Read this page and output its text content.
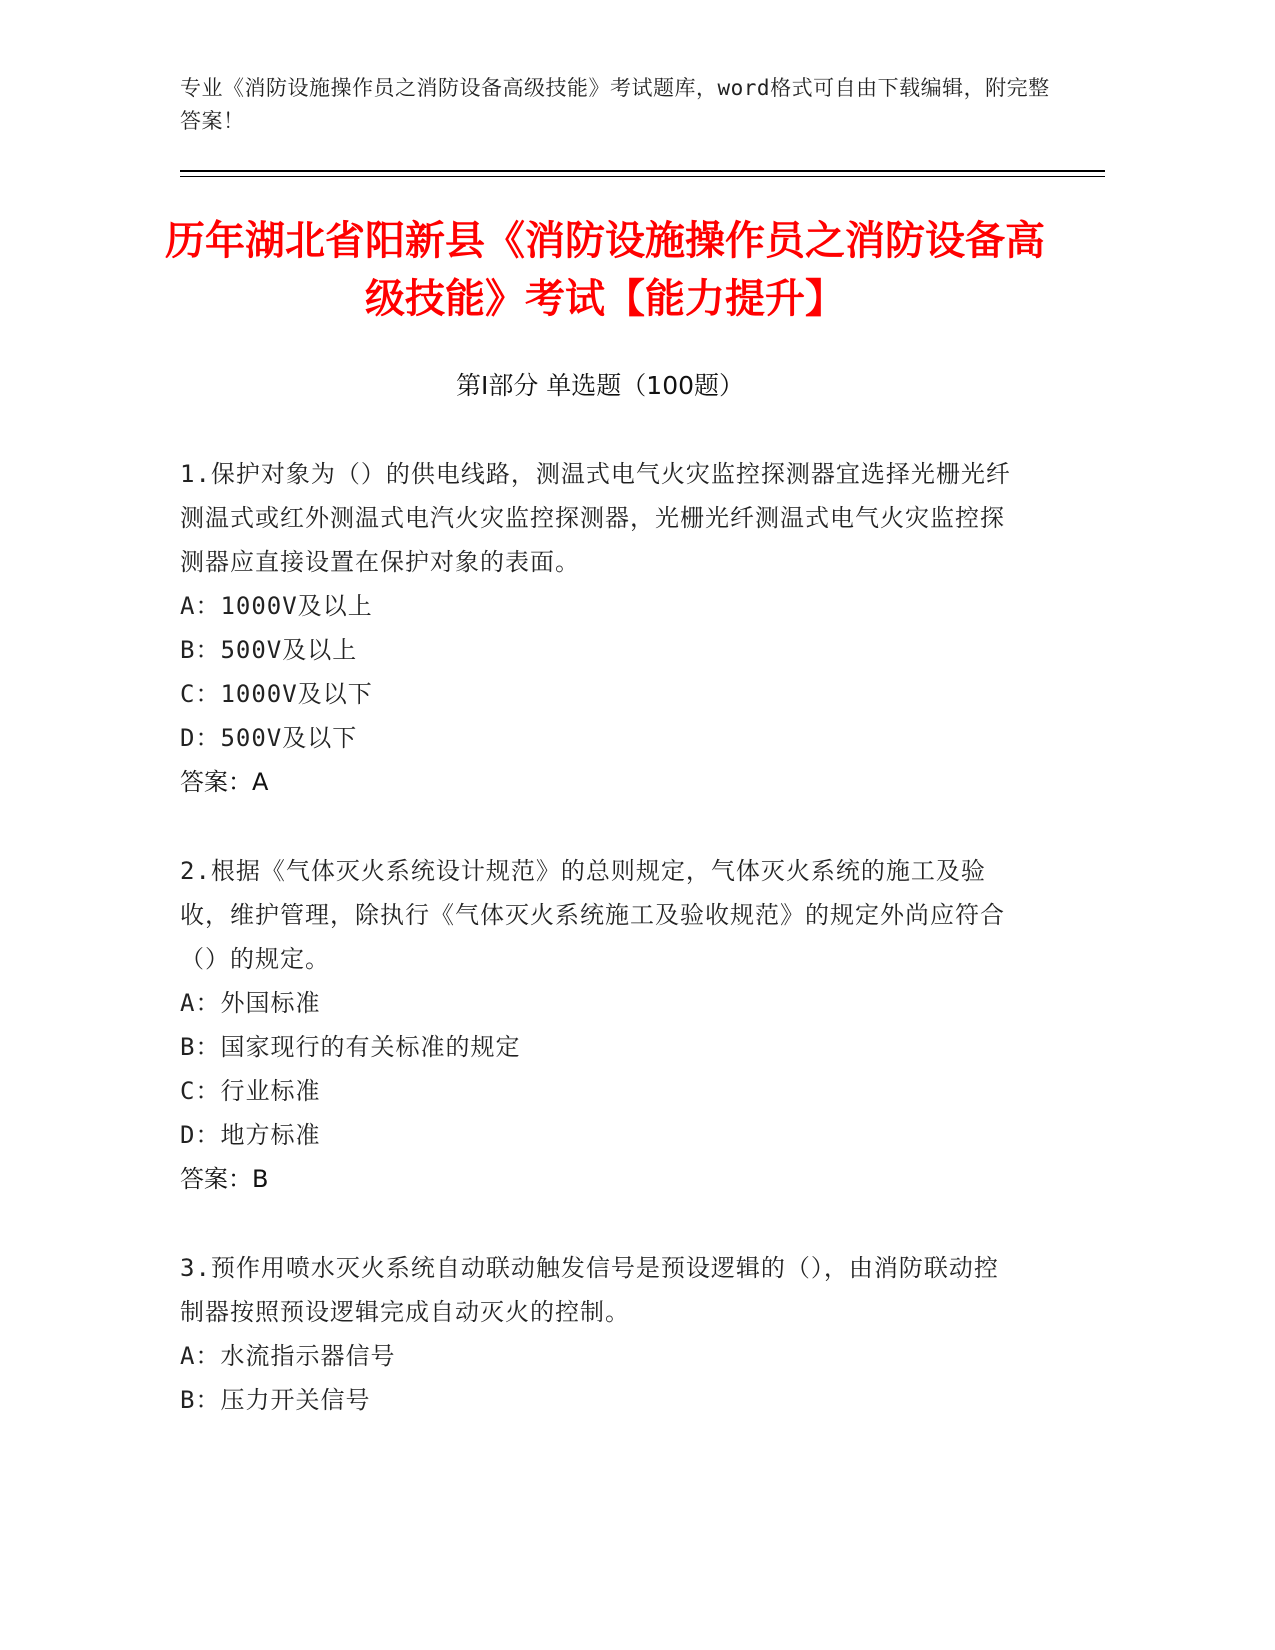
专业《消防设施操作员之消防设备高级技能》考试题库，word格式可自由下载编辑，附完整答案！
历年湖北省阳新县《消防设施操作员之消防设备高级技能》考试【能力提升】
第Ⅰ部分 单选题（100题）

1.保护对象为（）的供电线路，测温式电气火灾监控探测器宜选择光栅光纤测温式或红外测温式电汽火灾监控探测器，光栅光纤测温式电气火灾监控探测器应直接设置在保护对象的表面。

A：1000V及以上

B：500V及以上

C：1000V及以下

D：500V及以下

答案：A

2.根据《气体灭火系统设计规范》的总则规定，气体灭火系统的施工及验收，维护管理，除执行《气体灭火系统施工及验收规范》的规定外尚应符合（）的规定。

A：外国标准

B：国家现行的有关标准的规定

C：行业标准

D：地方标准

答案：B

3.预作用喷水灭火系统自动联动触发信号是预设逻辑的（），由消防联动控制器按照预设逻辑完成自动灭火的控制。

A：水流指示器信号

B：压力开关信号
